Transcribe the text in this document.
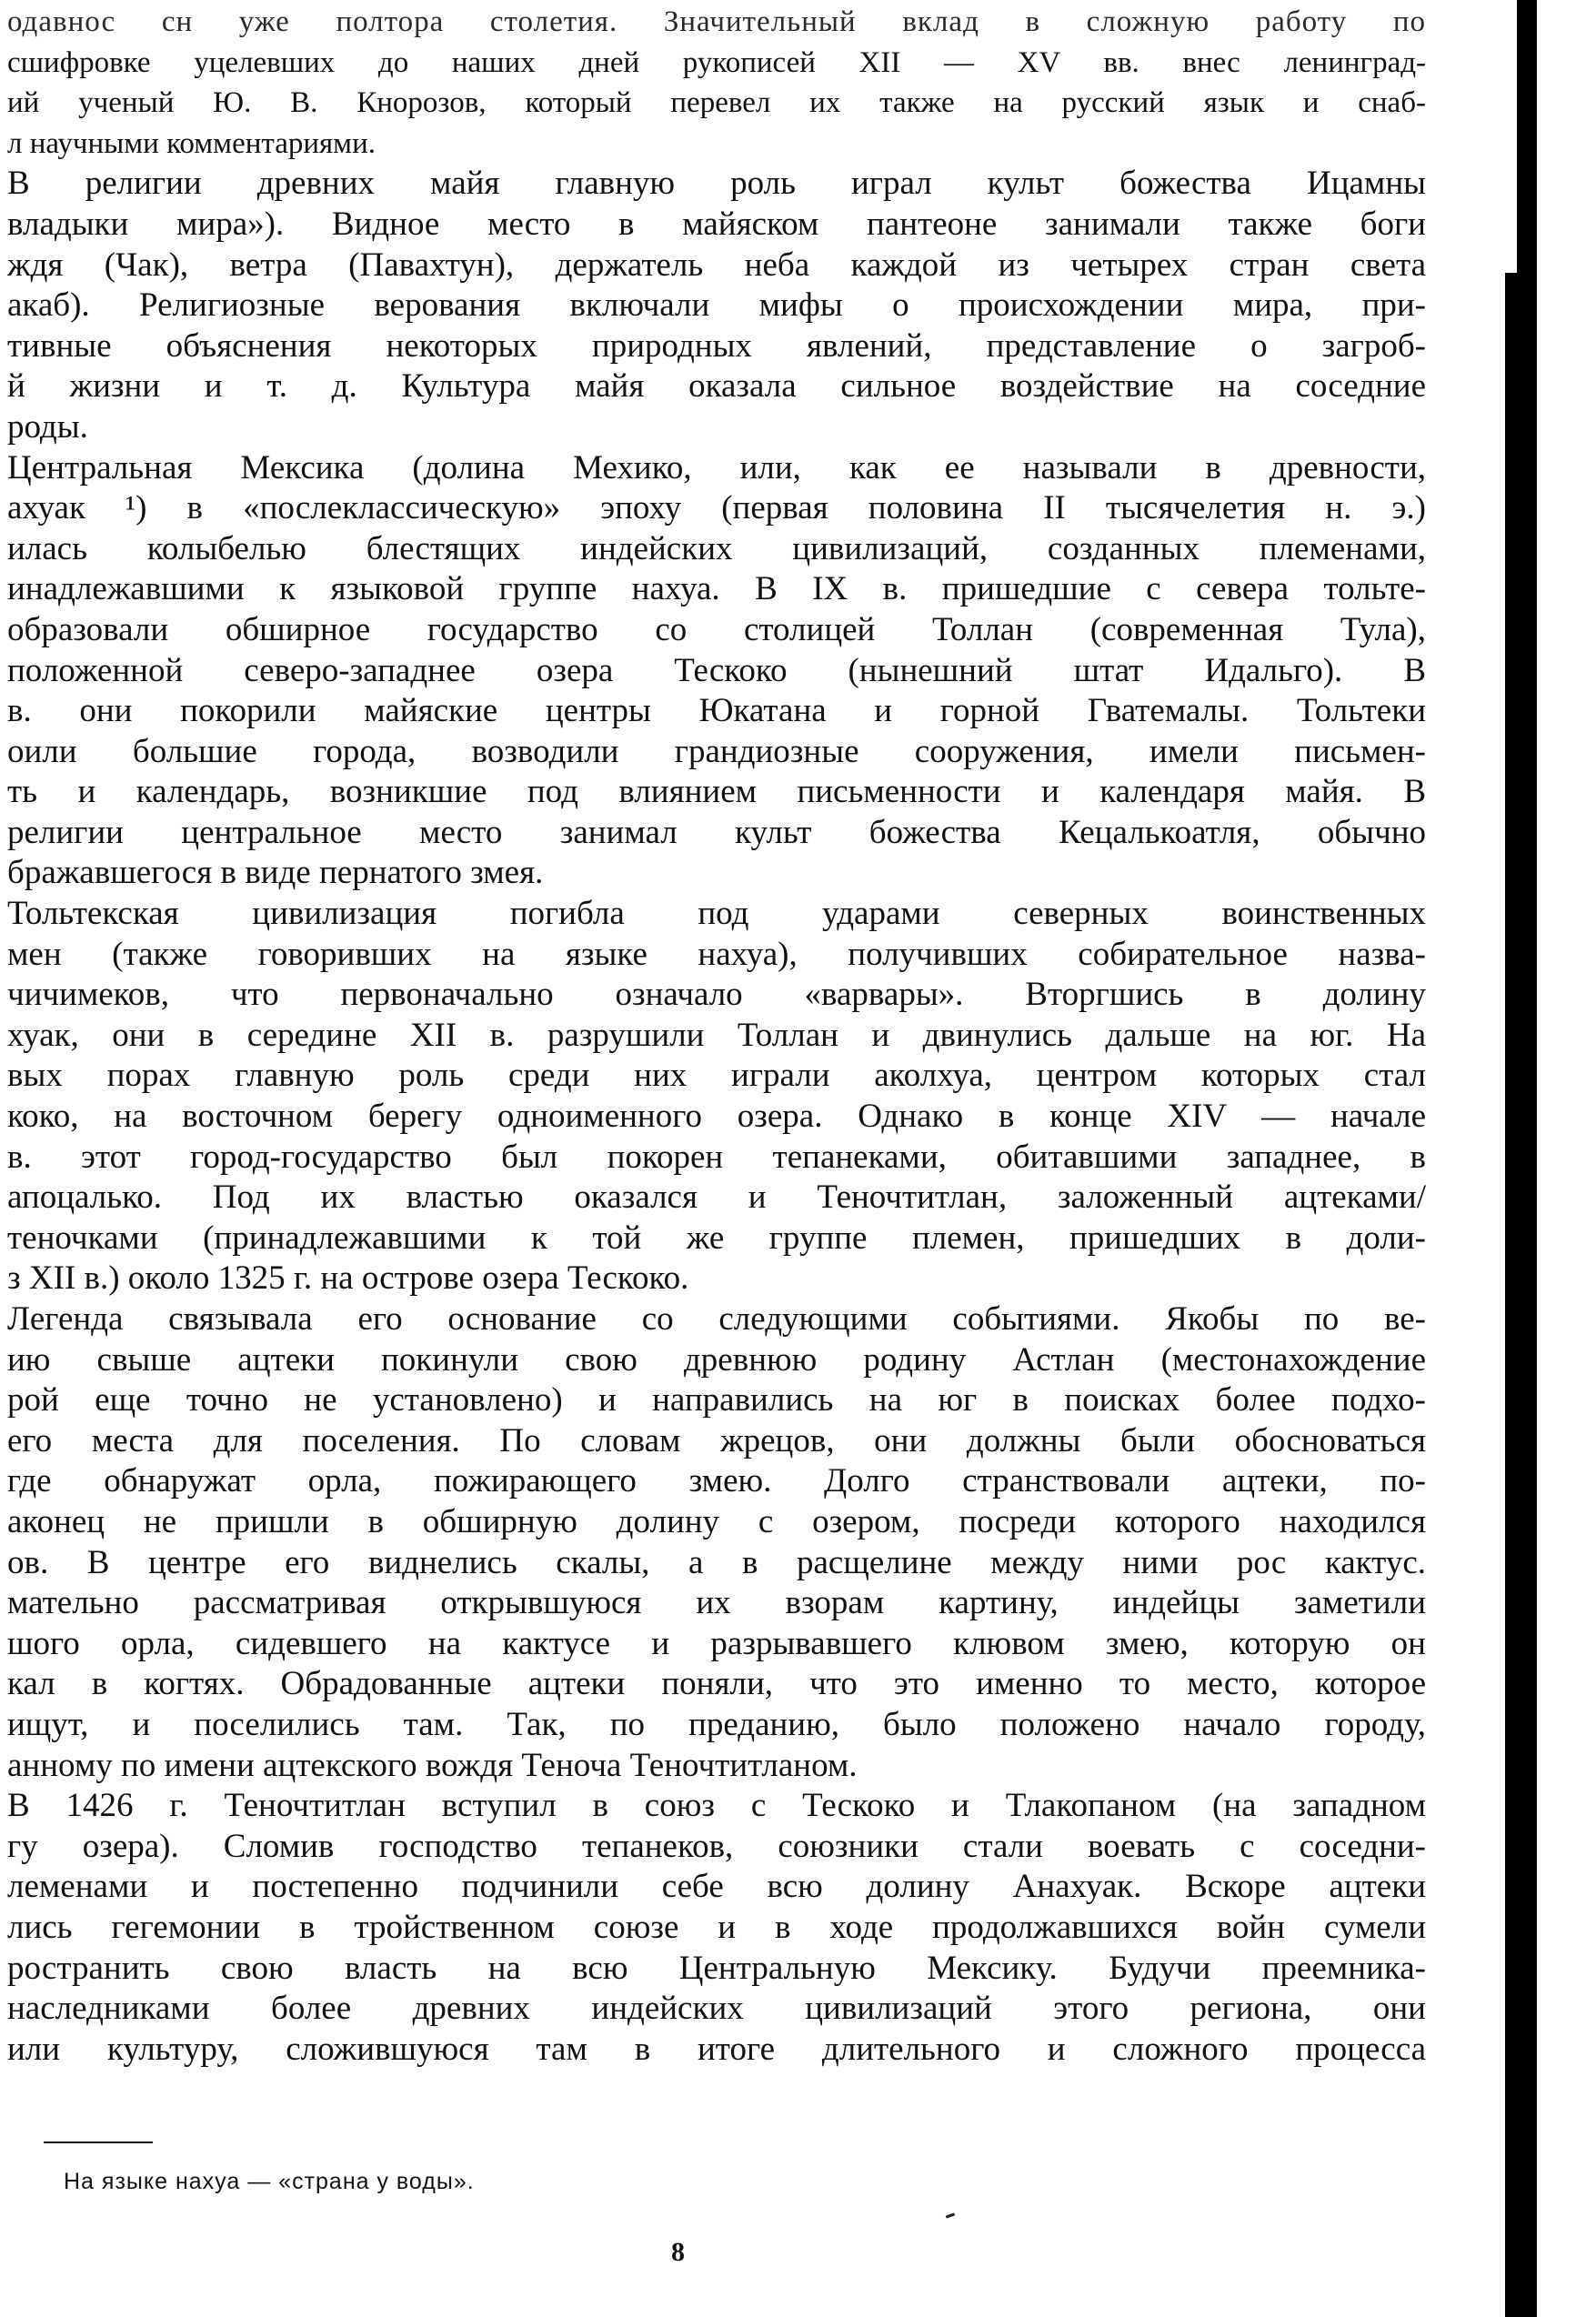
одавнос сн уже полтора столетия. Значительный вклад в сложную работу по
сшифровке уцелевших до наших дней рукописей XII — XV вв. внес ленинград-
ий ученый Ю. В. Кнорозов, который перевел их также на русский язык и снаб-
л научными комментариями.
В религии древних майя главную роль играл культ божества Ицамны
владыки мира»). Видное место в майяском пантеоне занимали также боги
ждя (Чак), ветра (Павахтун), держатель неба каждой из четырех стран света
акаб). Религиозные верования включали мифы о происхождении мира, при-
тивные объяснения некоторых природных явлений, представление о загроб-
й жизни и т. д. Культура майя оказала сильное воздействие на соседние
роды.
Центральная Мексика (долина Мехико, или, как ее называли в древности,
ахуак ¹) в «послеклассическую» эпоху (первая половина II тысячелетия н. э.)
илась колыбелью блестящих индейских цивилизаций, созданных племенами,
инадлежавшими к языковой группе нахуа. В IX в. пришедшие с севера тольте-
образовали обширное государство со столицей Толлан (современная Тула),
положенной северо-западнее озера Тескоко (нынешний штат Идальго). В
в. они покорили майяские центры Юкатана и горной Гватемалы. Тольтеки
оили большие города, возводили грандиозные сооружения, имели письмен-
ть и календарь, возникшие под влиянием письменности и календаря майя. В
религии центральное место занимал культ божества Кецалькоатля, обычно
бражавшегося в виде пернатого змея.
Тольтекская цивилизация погибла под ударами северных воинственных
мен (также говоривших на языке нахуа), получивших собирательное назва-
чичимеков, что первоначально означало «варвары». Вторгшись в долину
хуак, они в середине XII в. разрушили Толлан и двинулись дальше на юг. На
вых порах главную роль среди них играли аколхуа, центром которых стал
коко, на восточном берегу одноименного озера. Однако в конце XIV — начале
в. этот город-государство был покорен тепанеками, обитавшими западнее, в
апоцалько. Под их властью оказался и Теночтитлан, заложенный ацтеками/
теночками (принадлежавшими к той же группе племен, пришедших в доли-
з XII в.) около 1325 г. на острове озера Тескоко.
Легенда связывала его основание со следующими событиями. Якобы по ве-
ию свыше ацтеки покинули свою древнюю родину Астлан (местонахождение
рой еще точно не установлено) и направились на юг в поисках более подхо-
его места для поселения. По словам жрецов, они должны были обосноваться
где обнаружат орла, пожирающего змею. Долго странствовали ацтеки, по-
аконец не пришли в обширную долину с озером, посреди которого находился
ов. В центре его виднелись скалы, а в расщелине между ними рос кактус.
мательно рассматривая открывшуюся их взорам картину, индейцы заметили
шого орла, сидевшего на кактусе и разрывавшего клювом змею, которую он
кал в когтях. Обрадованные ацтеки поняли, что это именно то место, которое
ищут, и поселились там. Так, по преданию, было положено начало городу,
анному по имени ацтекского вождя Теноча Теночтитланом.
В 1426 г. Теночтитлан вступил в союз с Тескоко и Тлакопаном (на западном
гу озера). Сломив господство тепанеков, союзники стали воевать с соседни-
леменами и постепенно подчинили себе всю долину Анахуак. Вскоре ацтеки
лись гегемонии в тройственном союзе и в ходе продолжавшихся войн сумели
ространить свою власть на всю Центральную Мексику. Будучи преемника-
наследниками более древних индейских цивилизаций этого региона, они
или культуру, сложившуюся там в итоге длительного и сложного процесса
На языке нахуа — «страна у воды».
8
